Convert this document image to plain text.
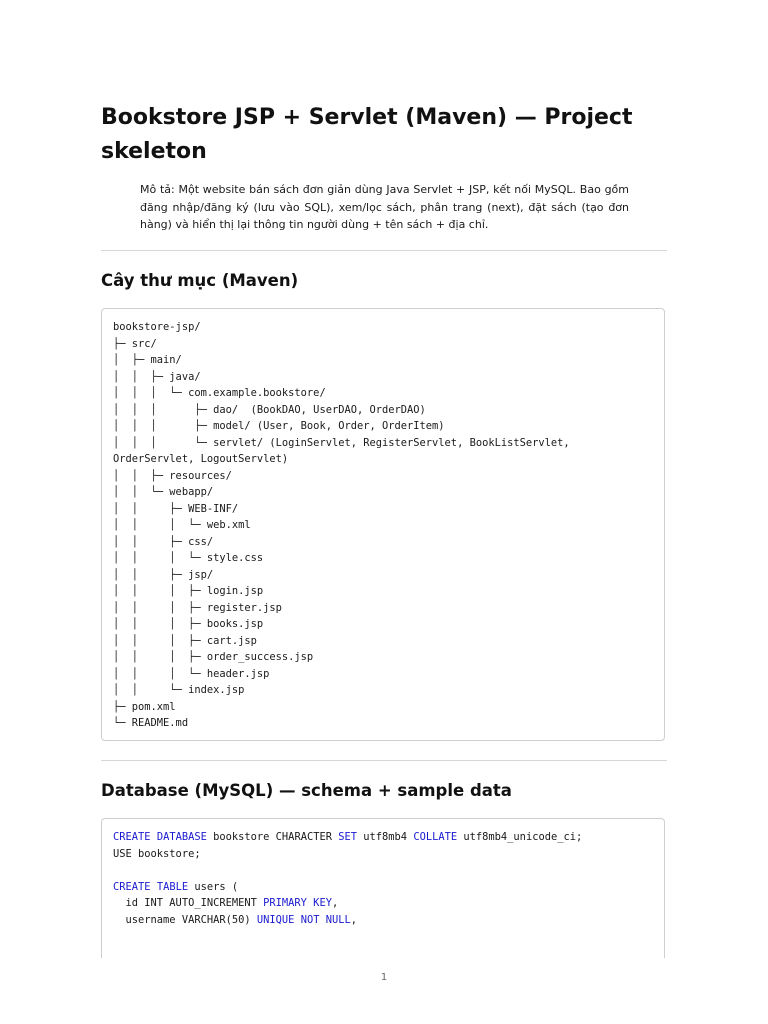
Bookstore JSP + Servlet (Maven) — Project skeleton

Mô tả: Một website bán sách đơn giản dùng Java Servlet + JSP, kết nối MySQL. Bao gồm đăng nhập/đăng ký (lưu vào SQL), xem/lọc sách, phân trang (next), đặt sách (tạo đơn hàng) và hiển thị lại thông tin người dùng + tên sách + địa chỉ.

Cây thư mục (Maven)
bookstore-jsp/
├─ src/
│  ├─ main/
│  │  ├─ java/
│  │  │  └─ com.example.bookstore/
│  │  │      ├─ dao/  (BookDAO, UserDAO, OrderDAO)
│  │  │      ├─ model/ (User, Book, Order, OrderItem)
│  │  │      └─ servlet/ (LoginServlet, RegisterServlet, BookListServlet,
OrderServlet, LogoutServlet)
│  │  ├─ resources/
│  │  └─ webapp/
│  │     ├─ WEB-INF/
│  │     │  └─ web.xml
│  │     ├─ css/
│  │     │  └─ style.css
│  │     ├─ jsp/
│  │     │  ├─ login.jsp
│  │     │  ├─ register.jsp
│  │     │  ├─ books.jsp
│  │     │  ├─ cart.jsp
│  │     │  ├─ order_success.jsp
│  │     │  └─ header.jsp
│  │     └─ index.jsp
├─ pom.xml
└─ README.md
Database (MySQL) — schema + sample data
CREATE DATABASE bookstore CHARACTER SET utf8mb4 COLLATE utf8mb4_unicode_ci;
USE bookstore;
CREATE TABLE users (
id INT AUTO_INCREMENT PRIMARY KEY,
username VARCHAR(50) UNIQUE NOT NULL,
1
